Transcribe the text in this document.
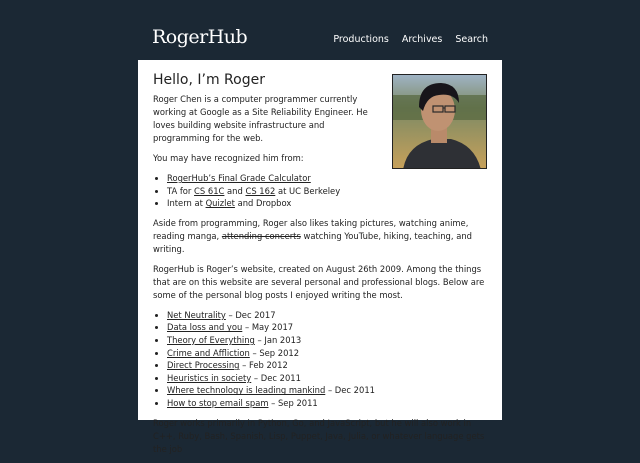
RogerHub	Productions Archives Search
Hello, I’m Roger

Roger Chen is a computer programmer currently working at Google as a Site Reliability Engineer. He loves building website infrastructure and programming for the web.

You may have recognized him from:

• RogerHub’s Final Grade Calculator
• TA for CS 61C and CS 162 at UC Berkeley
• Intern at Quizlet and Dropbox

Aside from programming, Roger also likes taking pictures, watching anime, reading manga, attending concerts watching YouTube, hiking, teaching, and writing.

RogerHub is Roger’s website, created on August 26th 2009. Among the things that are on this website are several personal and professional blogs. Below are some of the personal blog posts I enjoyed writing the most.

• Net Neutrality – Dec 2017
• Data loss and you – May 2017
• Theory of Everything – Jan 2013
• Crime and Affliction – Sep 2012
• Direct Processing – Feb 2012
• Heuristics in society – Dec 2011
• Where technology is leading mankind – Dec 2011
• How to stop email spam – Sep 2011

Roger works primarily in Python, Go, and JavaScript, but he will also work in C++, Ruby, Bash, Spanish, Lisp, Puppet, Java, Julia, or whatever language gets the job
